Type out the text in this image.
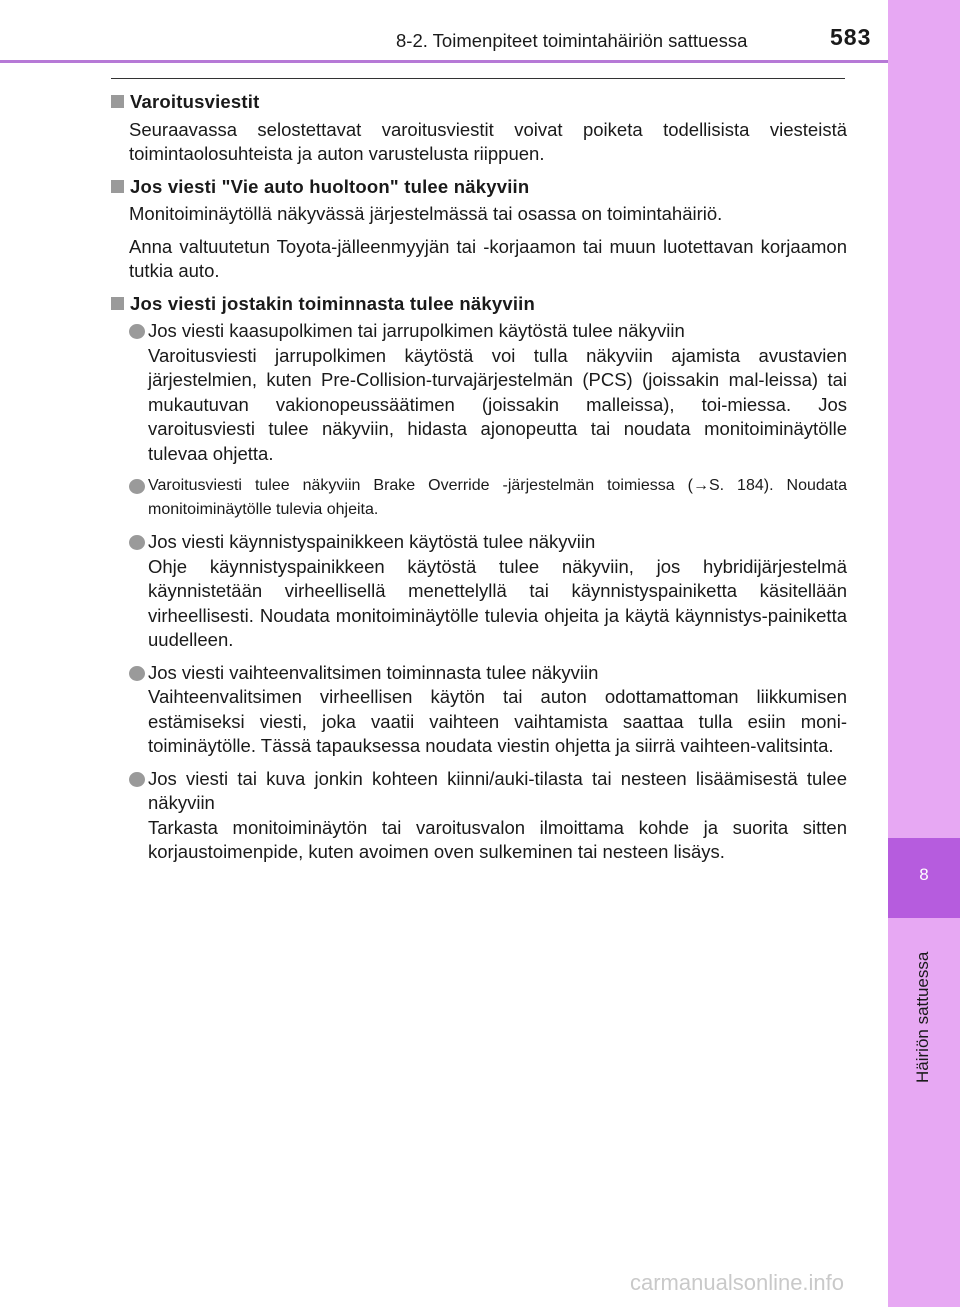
8-2. Toimenpiteet toimintahäiriön sattuessa	583
8
Häiriön sattuessa
Varoitusviestit
Seuraavassa selostettavat varoitusviestit voivat poiketa todellisista viesteistä toimintaolosuhteista ja auton varustelusta riippuen.
Jos viesti "Vie auto huoltoon" tulee näkyviin
Monitoiminäytöllä näkyvässä järjestelmässä tai osassa on toimintahäiriö.
Anna valtuutetun Toyota-jälleenmyyjän tai -korjaamon tai muun luotettavan korjaamon tutkia auto.
Jos viesti jostakin toiminnasta tulee näkyviin
Jos viesti kaasupolkimen tai jarrupolkimen käytöstä tulee näkyviin
Varoitusviesti jarrupolkimen käytöstä voi tulla näkyviin ajamista avustavien järjestelmien, kuten Pre-Collision-turvajärjestelmän (PCS) (joissakin mal-leissa) tai mukautuvan vakionopeussäätimen (joissakin malleissa), toi-miessa. Jos varoitusviesti tulee näkyviin, hidasta ajonopeutta tai noudata monitoiminäytölle tulevaa ohjetta.
Varoitusviesti tulee näkyviin Brake Override -järjestelmän toimiessa (→S. 184). Noudata monitoiminäytölle tulevia ohjeita.
Jos viesti käynnistyspainikkeen käytöstä tulee näkyviin
Ohje käynnistyspainikkeen käytöstä tulee näkyviin, jos hybridijärjestelmä käynnistetään virheellisellä menettelyllä tai käynnistyspainiketta käsitellään virheellisesti. Noudata monitoiminäytölle tulevia ohjeita ja käytä käynnistys-painiketta uudelleen.
Jos viesti vaihteenvalitsimen toiminnasta tulee näkyviin
Vaihteenvalitsimen virheellisen käytön tai auton odottamattoman liikkumisen estämiseksi viesti, joka vaatii vaihteen vaihtamista saattaa tulla esiin moni-toiminäytölle. Tässä tapauksessa noudata viestin ohjetta ja siirrä vaihteen-valitsinta.
Jos viesti tai kuva jonkin kohteen kiinni/auki-tilasta tai nesteen lisäämisestä tulee näkyviin
Tarkasta monitoiminäytön tai varoitusvalon ilmoittama kohde ja suorita sitten korjaustoimenpide, kuten avoimen oven sulkeminen tai nesteen lisäys.
carmanualsonline.info
